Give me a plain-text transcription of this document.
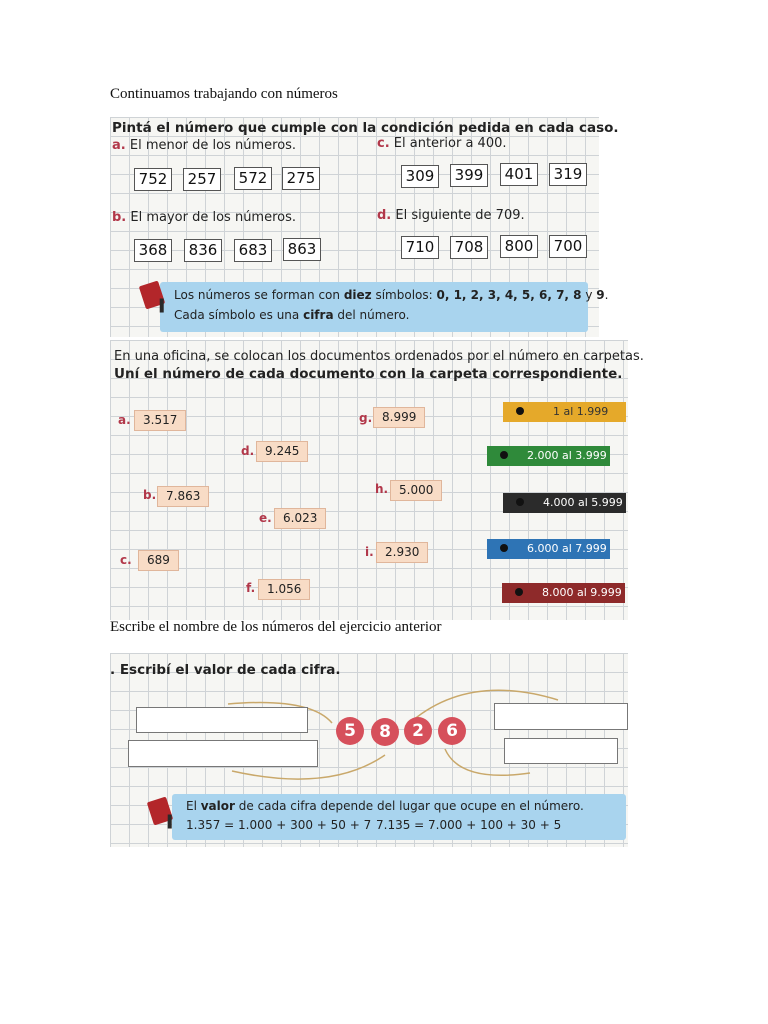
Continuamos trabajando con números
Pintá el número que cumple con la condición pedida en cada caso.
a. El menor de los números.
752	257	572	275
c. El anterior a 400.
309	399	401	319
b. El mayor de los números.
368	836	683	863
d. El siguiente de 709.
710	708	800	700
Los números se forman con diez símbolos: 0, 1, 2, 3, 4, 5, 6, 7, 8 y 9.
Cada símbolo es una cifra del número.
En una oficina, se colocan los documentos ordenados por el número en carpetas.
Uní el número de cada documento con la carpeta correspondiente.
a.	3.517	g. 8.999
d. 9.245
b. 7.863	h. 5.000
e. 6.023
c.	689
i. 2.930
f. 1.056
1 al 1.999
2.000 al 3.999
4.000 al 5.999
6.000 al 7.999
8.000 al 9.999
Escribe el nombre de los números del ejercicio anterior
. Escribí el valor de cada cifra.
5	8	2	6
El valor de cada cifra depende del lugar que ocupe en el número.
1.357 = 1.000 + 300 + 50 + 7 7.135 = 7.000 + 100 + 30 + 5
